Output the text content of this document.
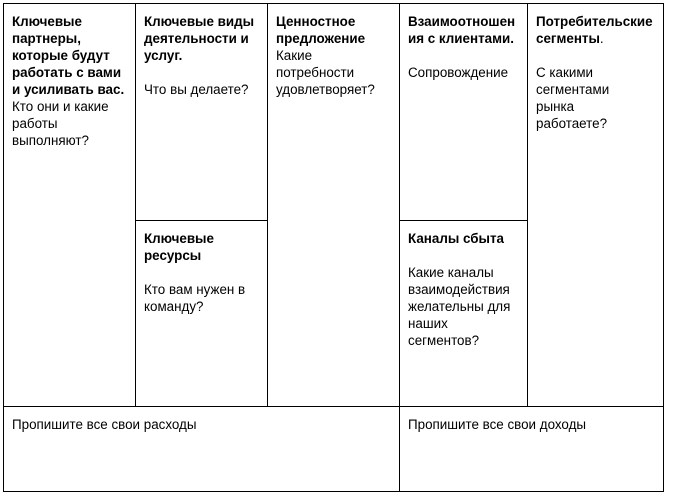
Ключевые партнеры, которые будут работать с вами и усиливать вас.
Кто они и какие работы выполняют?
Ключевые виды деятельности и услуг.
Что вы делаете?
Ключевые ресурсы
Кто вам нужен в команду?
Ценностное предложение
Какие потребности удовлетворяет?
Взаимоотношения с клиентами.
Сопровождение
Каналы сбыта
Какие каналы взаимодействия желательны для наших сегментов?
Потребительские сегменты.
С какими сегментами рынка работаете?
Пропишите все свои расходы	Пропишите все свои доходы
